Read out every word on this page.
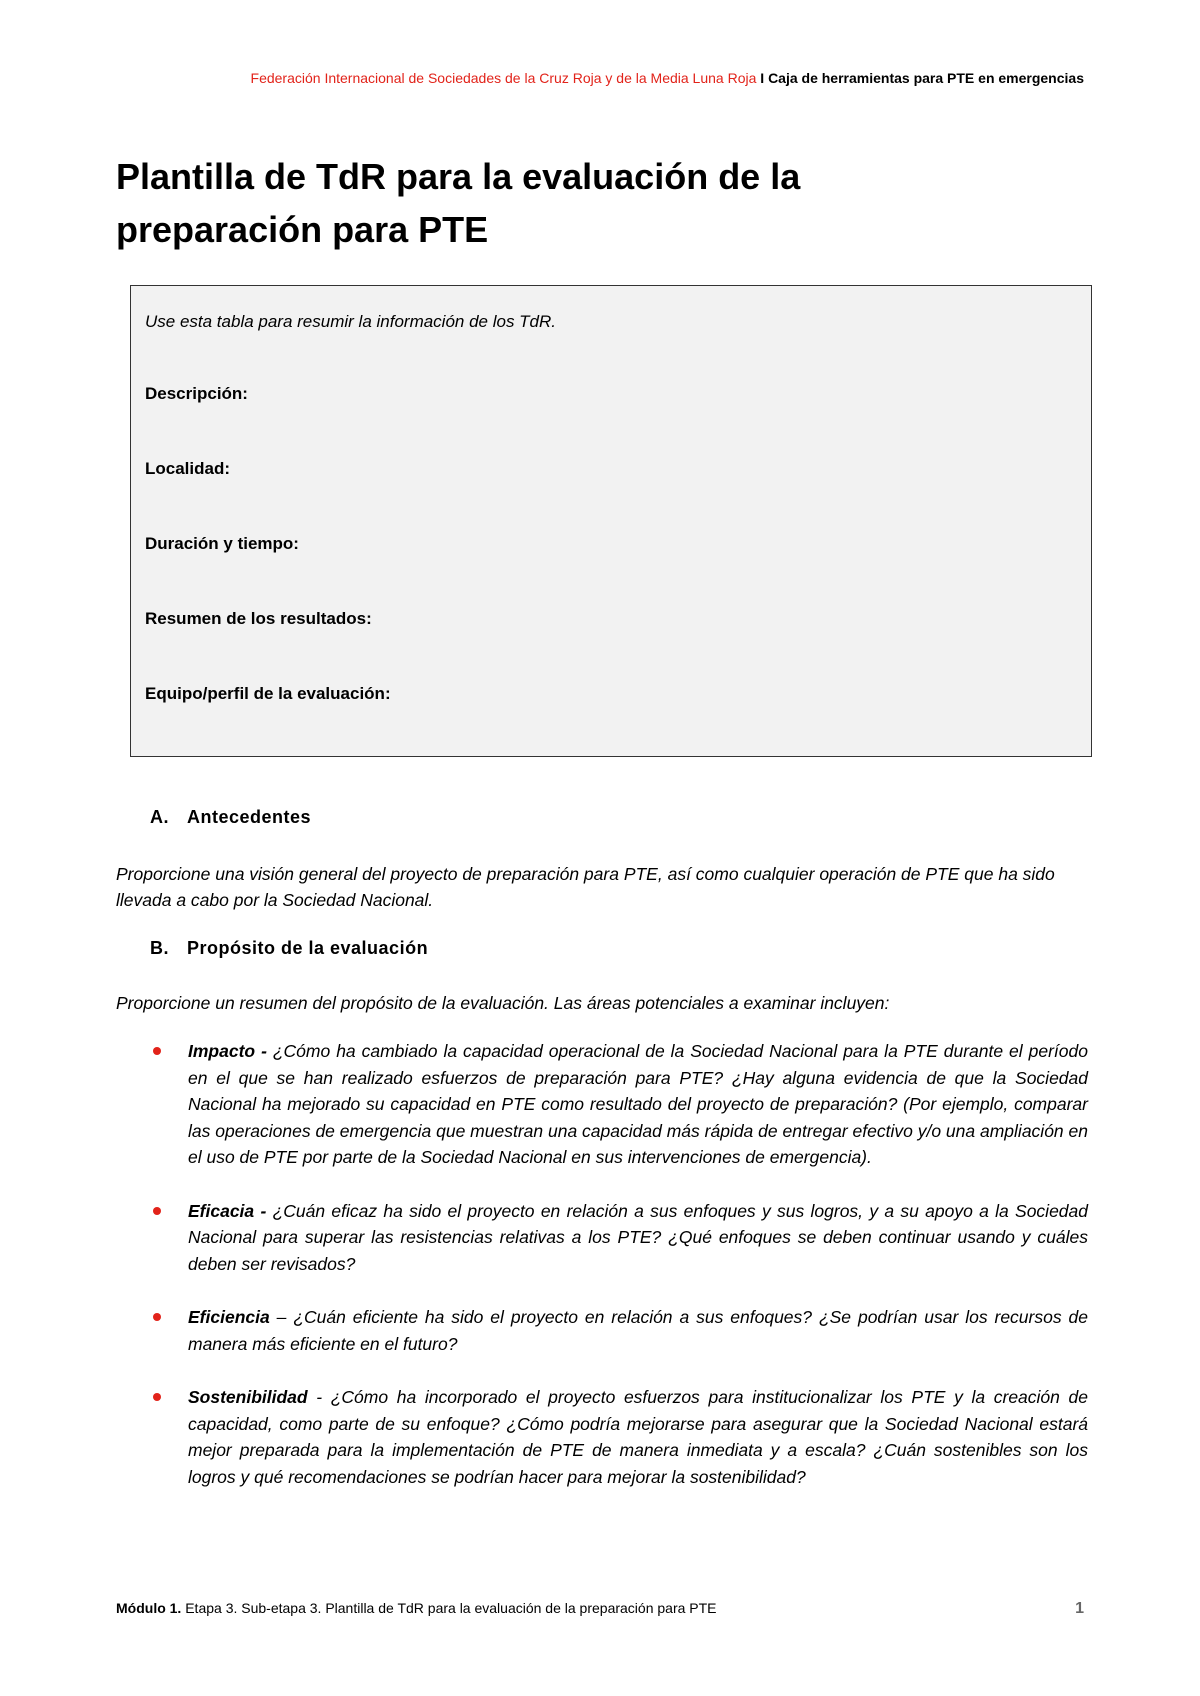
Federación Internacional de Sociedades de la Cruz Roja y de la Media Luna Roja I Caja de herramientas para PTE en emergencias
Plantilla de TdR para la evaluación de la
preparación para PTE

Use esta tabla para resumir la información de los TdR.

Descripción:

Localidad:

Duración y tiempo:

Resumen de los resultados:

Equipo/perfil de la evaluación:

A. Antecedentes

Proporcione una visión general del proyecto de preparación para PTE, así como cualquier operación de PTE que ha sido llevada a cabo por la Sociedad Nacional.

B. Propósito de la evaluación

Proporcione un resumen del propósito de la evaluación. Las áreas potenciales a examinar incluyen:

Impacto - ¿Cómo ha cambiado la capacidad operacional de la Sociedad Nacional para la PTE durante el período en el que se han realizado esfuerzos de preparación para PTE? ¿Hay alguna evidencia de que la Sociedad Nacional ha mejorado su capacidad en PTE como resultado del proyecto de preparación? (Por ejemplo, comparar las operaciones de emergencia que muestran una capacidad más rápida de entregar efectivo y/o una ampliación en el uso de PTE por parte de la Sociedad Nacional en sus intervenciones de emergencia).
Eficacia - ¿Cuán eficaz ha sido el proyecto en relación a sus enfoques y sus logros, y a su apoyo a la Sociedad Nacional para superar las resistencias relativas a los PTE? ¿Qué enfoques se deben continuar usando y cuáles deben ser revisados?
Eficiencia – ¿Cuán eficiente ha sido el proyecto en relación a sus enfoques? ¿Se podrían usar los recursos de manera más eficiente en el futuro?
Sostenibilidad - ¿Cómo ha incorporado el proyecto esfuerzos para institucionalizar los PTE y la creación de capacidad, como parte de su enfoque? ¿Cómo podría mejorarse para asegurar que la Sociedad Nacional estará mejor preparada para la implementación de PTE de manera inmediata y a escala? ¿Cuán sostenibles son los logros y qué recomendaciones se podrían hacer para mejorar la sostenibilidad?
Módulo 1. Etapa 3. Sub-etapa 3. Plantilla de TdR para la evaluación de la preparación para PTE	1
